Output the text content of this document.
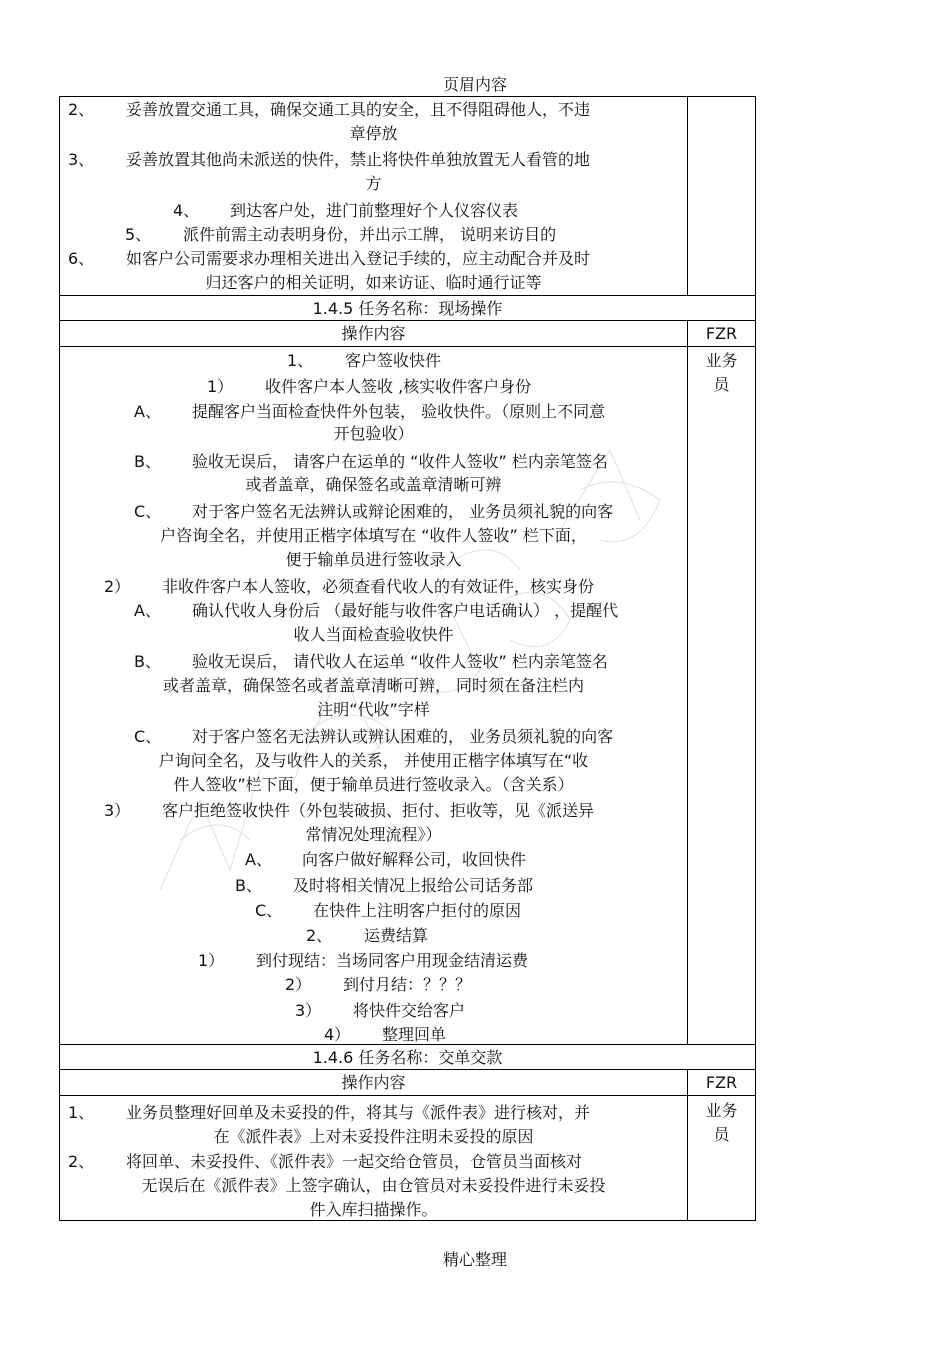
页眉内容
精心整理
2、 妥善放置交通工具，确保交通工具的安全，且不得阻碍他人，不违
章停放
3、 妥善放置其他尚未派送的快件，禁止将快件单独放置无人看管的地
方
4、 到达客户处，进门前整理好个人仪容仪表
5、 派件前需主动表明身份，并出示工牌， 说明来访目的
6、 如客户公司需要求办理相关进出入登记手续的，应主动配合并及时
归还客户的相关证明，如来访证、临时通行证等
1.4.5 任务名称：现场操作
操作内容	FZR
业务
员
1、 客户签收快件
1） 收件客户本人签收 ,核实收件客户身份
A、 提醒客户当面检查快件外包装， 验收快件。（原则上不同意
开包验收）
B、 验收无误后， 请客户在运单的 “收件人签收” 栏内亲笔签名
或者盖章，确保签名或盖章清晰可辨
C、 对于客户签名无法辨认或辩论困难的， 业务员须礼貌的向客
户咨询全名，并使用正楷字体填写在 “收件人签收” 栏下面，
便于输单员进行签收录入
2） 非收件客户本人签收，必须查看代收人的有效证件，核实身份
A、 确认代收人身份后 （最好能与收件客户电话确认） ，提醒代
收人当面检查验收快件
B、 验收无误后， 请代收人在运单 “收件人签收” 栏内亲笔签名
或者盖章，确保签名或者盖章清晰可辨， 同时须在备注栏内
注明“代收”字样
C、 对于客户签名无法辨认或辨认困难的， 业务员须礼貌的向客
户询问全名，及与收件人的关系， 并使用正楷字体填写在“收
件人签收”栏下面，便于输单员进行签收录入。（含关系）
3） 客户拒绝签收快件（外包装破损、拒付、拒收等，见《派送异
常情况处理流程》）
A、 向客户做好解释公司，收回快件
B、 及时将相关情况上报给公司话务部
C、 在快件上注明客户拒付的原因
2、 运费结算
1） 到付现结：当场同客户用现金结清运费
2） 到付月结：？？？
3） 将快件交给客户
4） 整理回单
1.4.6 任务名称：交单交款
操作内容	FZR
业务
员
1、 业务员整理好回单及未妥投的件，将其与《派件表》进行核对，并
在《派件表》上对未妥投件注明未妥投的原因
2、 将回单、未妥投件、《派件表》一起交给仓管员，仓管员当面核对
无误后在《派件表》上签字确认，由仓管员对未妥投件进行未妥投
件入库扫描操作。
